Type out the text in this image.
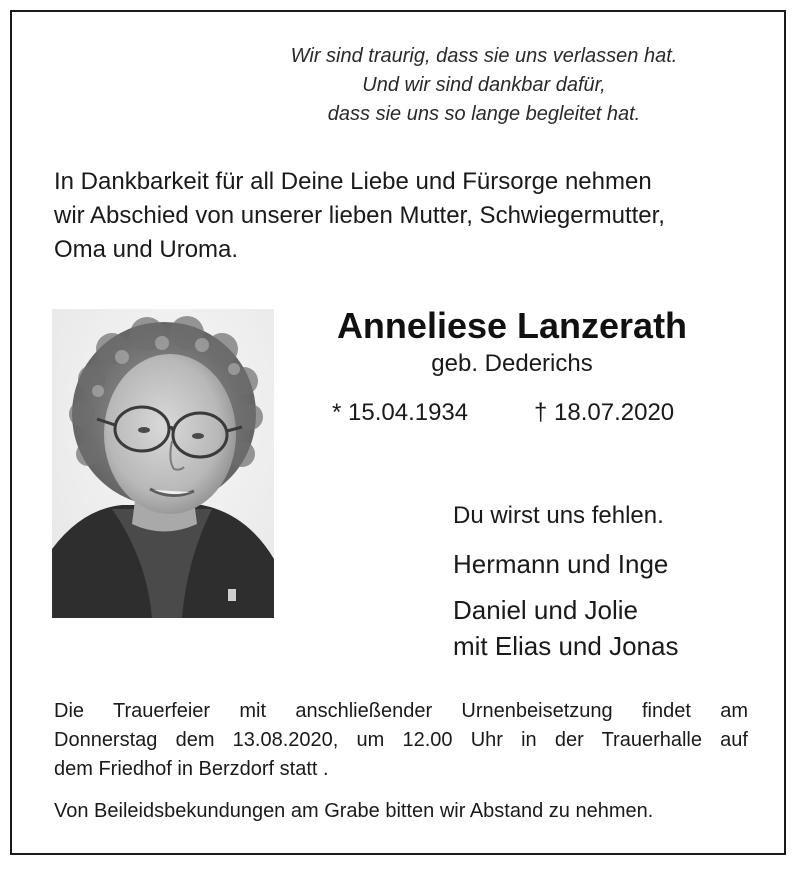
Wir sind traurig, dass sie uns verlassen hat.
Und wir sind dankbar dafür,
dass sie uns so lange begleitet hat.
In Dankbarkeit für all Deine Liebe und Fürsorge nehmen
wir Abschied von unserer lieben Mutter, Schwiegermutter,
Oma und Uroma.
Anneliese Lanzerath
geb. Dederichs
* 15.04.1934	† 18.07.2020
Du wirst uns fehlen.
Hermann und Inge
Daniel und Jolie
mit Elias und Jonas
Die Trauerfeier mit anschließender Urnenbeisetzung findet am
Donnerstag dem 13.08.2020, um 12.00 Uhr in der Trauerhalle auf
dem Friedhof in Berzdorf statt .
Von Beileidsbekundungen am Grabe bitten wir Abstand zu nehmen.
